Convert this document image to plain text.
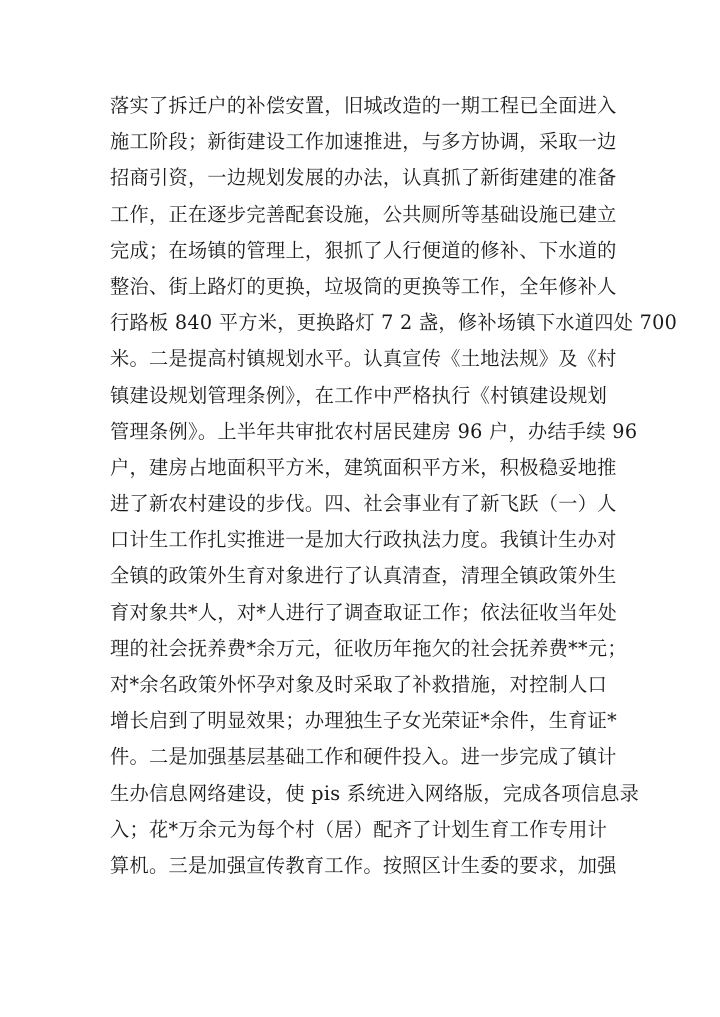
落实了拆迁户的补偿安置，旧城改造的一期工程已全面进入
施工阶段；新街建设工作加速推进，与多方协调，采取一边
招商引资，一边规划发展的办法，认真抓了新街建建的准备
工作，正在逐步完善配套设施，公共厕所等基础设施已建立
完成；在场镇的管理上，狠抓了人行便道的修补、下水道的
整治、街上路灯的更换，垃圾筒的更换等工作，全年修补人
行路板 840 平方米，更换路灯 7 2 盏，修补场镇下水道四处 700
米。二是提高村镇规划水平。认真宣传《土地法规》及《村
镇建设规划管理条例》，在工作中严格执行《村镇建设规划
管理条例》。上半年共审批农村居民建房 96 户，办结手续 96
户，建房占地面积平方米，建筑面积平方米，积极稳妥地推
进了新农村建设的步伐。四、社会事业有了新飞跃（一）人
口计生工作扎实推进一是加大行政执法力度。我镇计生办对
全镇的政策外生育对象进行了认真清查，清理全镇政策外生
育对象共*人，对*人进行了调查取证工作；依法征收当年处
理的社会抚养费*余万元，征收历年拖欠的社会抚养费**元；
对*余名政策外怀孕对象及时采取了补救措施，对控制人口
增长启到了明显效果；办理独生子女光荣证*余件，生育证*
件。二是加强基层基础工作和硬件投入。进一步完成了镇计
生办信息网络建设，使 pis 系统进入网络版，完成各项信息录
入；花*万余元为每个村（居）配齐了计划生育工作专用计
算机。三是加强宣传教育工作。按照区计生委的要求，加强
